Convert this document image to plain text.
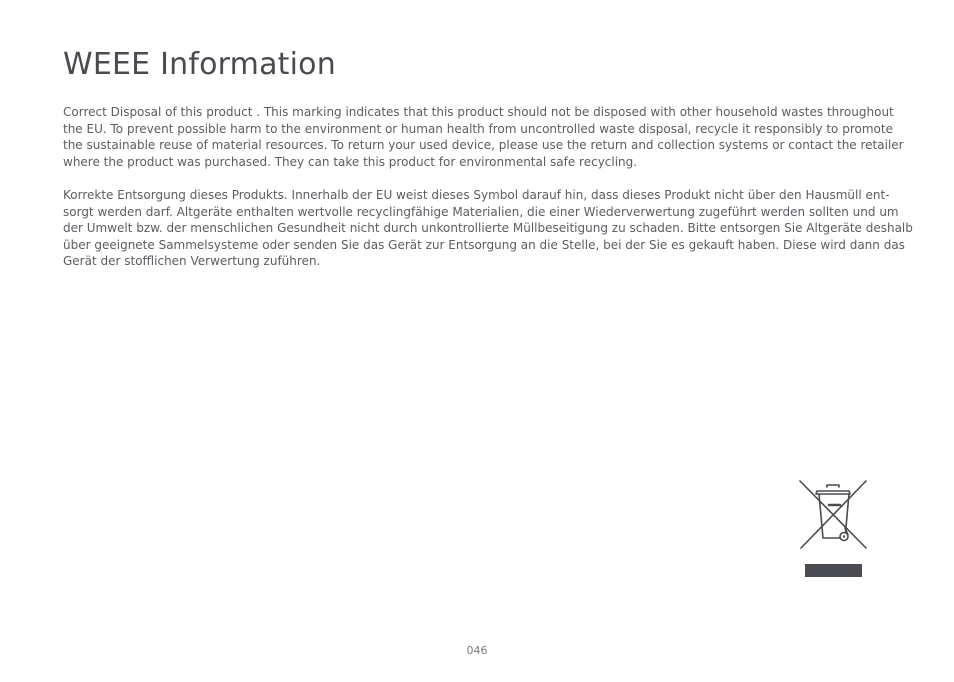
WEEE Information

Correct Disposal of this product . This marking indicates that this product should not be disposed with other household wastes throughout
the EU. To prevent possible harm to the environment or human health from uncontrolled waste disposal, recycle it responsibly to promote
the sustainable reuse of material resources. To return your used device, please use the return and collection systems or contact the retailer
where the product was purchased. They can take this product for environmental safe recycling.

Korrekte Entsorgung dieses Produkts. Innerhalb der EU weist dieses Symbol darauf hin, dass dieses Produkt nicht über den Hausmüll ent-
sorgt werden darf. Altgeräte enthalten wertvolle recyclingfähige Materialien, die einer Wiederverwertung zugeführt werden sollten und um
der Umwelt bzw. der menschlichen Gesundheit nicht durch unkontrollierte Müllbeseitigung zu schaden. Bitte entsorgen Sie Altgeräte deshalb
über geeignete Sammelsysteme oder senden Sie das Gerät zur Entsorgung an die Stelle, bei der Sie es gekauft haben. Diese wird dann das
Gerät der stofflichen Verwertung zuführen.

046
